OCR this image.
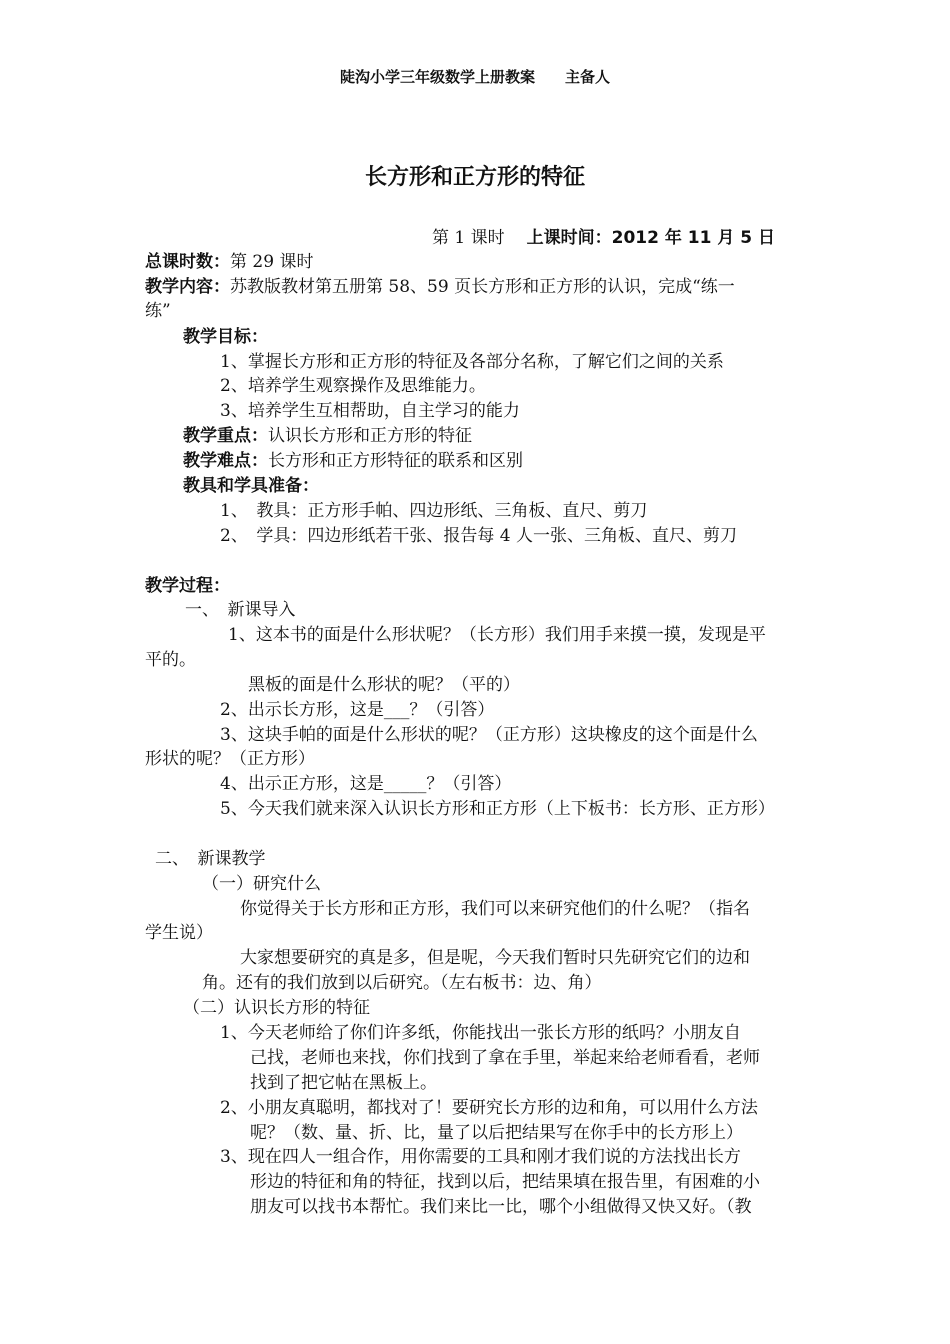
陡沟小学三年级数学上册教案 主备人
长方形和正方形的特征
第 1 课时 上课时间：2012 年 11 月 5 日
总课时数：第 29 课时
教学内容：苏教版教材第五册第 58、59 页长方形和正方形的认识，完成“练一
练”
教学目标：
1、掌握长方形和正方形的特征及各部分名称，了解它们之间的关系
2、培养学生观察操作及思维能力。
3、培养学生互相帮助，自主学习的能力
教学重点：认识长方形和正方形的特征
教学难点：长方形和正方形特征的联系和区别
教具和学具准备：
1、　教具：正方形手帕、四边形纸、三角板、直尺、剪刀
2、　学具：四边形纸若干张、报告每 4 人一张、三角板、直尺、剪刀
教学过程：
一、　新课导入
1、这本书的面是什么形状呢？（长方形）我们用手来摸一摸，发现是平
平的。
黑板的面是什么形状的呢？（平的）
2、出示长方形，这是___？（引答）
3、这块手帕的面是什么形状的呢？（正方形）这块橡皮的这个面是什么
形状的呢？（正方形）
4、出示正方形，这是_____？（引答）
5、今天我们就来深入认识长方形和正方形（上下板书：长方形、正方形）
二、　新课教学
（一）研究什么
你觉得关于长方形和正方形，我们可以来研究他们的什么呢？（指名
学生说）
大家想要研究的真是多，但是呢，今天我们暂时只先研究它们的边和
角。还有的我们放到以后研究。（左右板书：边、角）
（二）认识长方形的特征
1、今天老师给了你们许多纸，你能找出一张长方形的纸吗？小朋友自
己找，老师也来找，你们找到了拿在手里，举起来给老师看看，老师
找到了把它帖在黑板上。
2、小朋友真聪明，都找对了！要研究长方形的边和角，可以用什么方法
呢？（数、量、折、比，量了以后把结果写在你手中的长方形上）
3、现在四人一组合作，用你需要的工具和刚才我们说的方法找出长方
形边的特征和角的特征，找到以后，把结果填在报告里，有困难的小
朋友可以找书本帮忙。我们来比一比，哪个小组做得又快又好。（教
